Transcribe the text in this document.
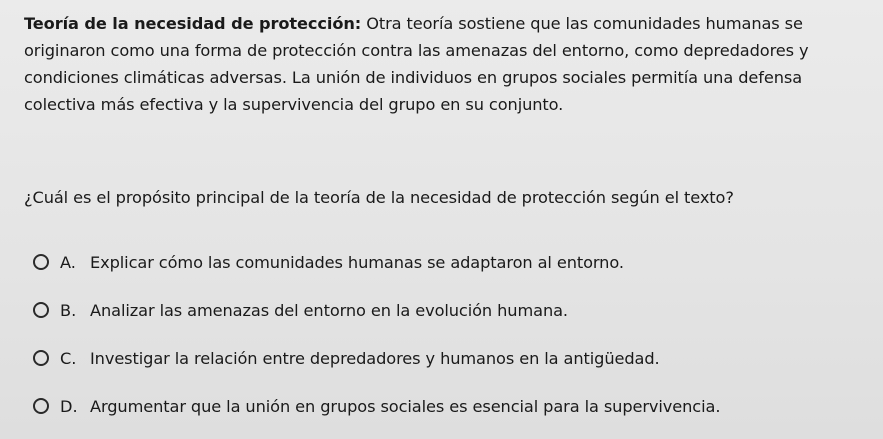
Teoría de la necesidad de protección: Otra teoría sostiene que las comunidades humanas se originaron como una forma de protección contra las amenazas del entorno, como depredadores y condiciones climáticas adversas. La unión de individuos en grupos sociales permitía una defensa colectiva más efectiva y la supervivencia del grupo en su conjunto.
¿Cuál es el propósito principal de la teoría de la necesidad de protección según el texto?
A. Explicar cómo las comunidades humanas se adaptaron al entorno.
B. Analizar las amenazas del entorno en la evolución humana.
C. Investigar la relación entre depredadores y humanos en la antigüedad.
D. Argumentar que la unión en grupos sociales es esencial para la supervivencia.
